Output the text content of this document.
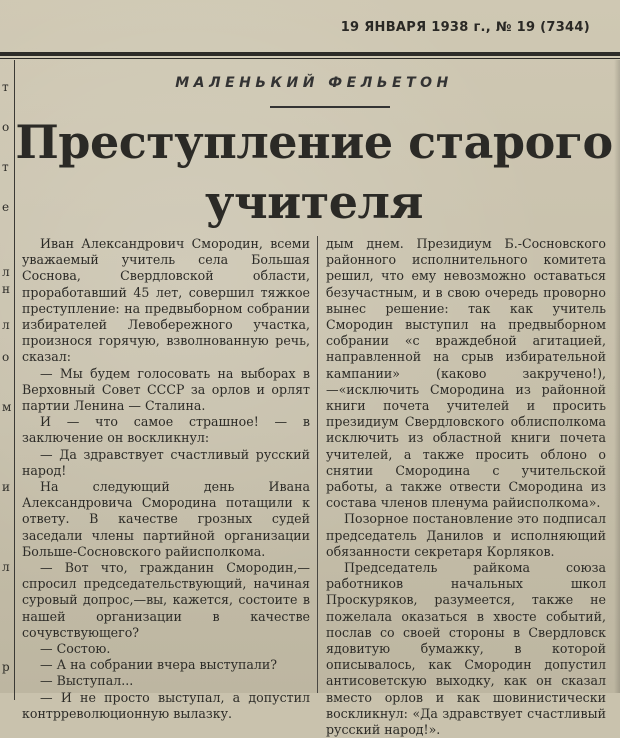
19 ЯНВАРЯ 1938 г., № 19 (7344)
т
о
т
е
л
н
л
о
м
и
л
р
МАЛЕНЬКИЙ ФЕЛЬЕТОН
Преступление старого
учителя

Иван Александрович Смородин, всеми уважаемый учитель села Большая Соснова, Свердловской области, проработавший 45 лет, совершил тяжкое преступление: на предвыборном собрании избирателей Левобережного участка, произнося горячую, взволнованную речь, сказал:

— Мы будем голосовать на выборах в Верховный Совет СССР за орлов и орлят партии Ленина — Сталина.

И — что самое страшное! — в заключение он воскликнул:

— Да здравствует счастливый русский народ!

На следующий день Ивана Александровича Смородина потащили к ответу. В качестве грозных судей заседали члены партийной организации Больше-Сосновского райисполкома.

— Вот что, гражданин Смородин,— спросил председательствующий, начиная суровый допрос,—вы, кажется, состоите в нашей организации в качестве сочувствующего?

— Состою.

— А на собрании вчера выступали?

— Выступал...

— И не просто выступал, а допустил контрреволюционную вылазку.

дым днем. Президиум Б.-Сосновского районного исполнительного комитета решил, что ему невозможно оставаться безучастным, и в свою очередь проворно вынес решение: так как учитель Смородин выступил на предвыборном собрании «с враждебной агитацией, направленной на срыв избирательной кампании» (каково закручено!),—«исключить Смородина из районной книги почета учителей и просить президиум Свердловского облисполкома исключить из областной книги почета учителей, а также просить облоно о снятии Смородина с учительской работы, а также отвести Смородина из состава членов пленума райисполкома».

Позорное постановление это подписал председатель Данилов и исполняющий обязанности секретаря Корляков.

Председатель райкома союза работников начальных школ Проскуряков, разумеется, также не пожелала оказаться в хвосте событий, послав со своей стороны в Свердловск ядовитую бумажку, в которой описывалось, как Смородин допустил антисоветскую выходку, как он сказал вместо орлов и как шовинистически воскликнул: «Да здравствует счастливый русский народ!».
